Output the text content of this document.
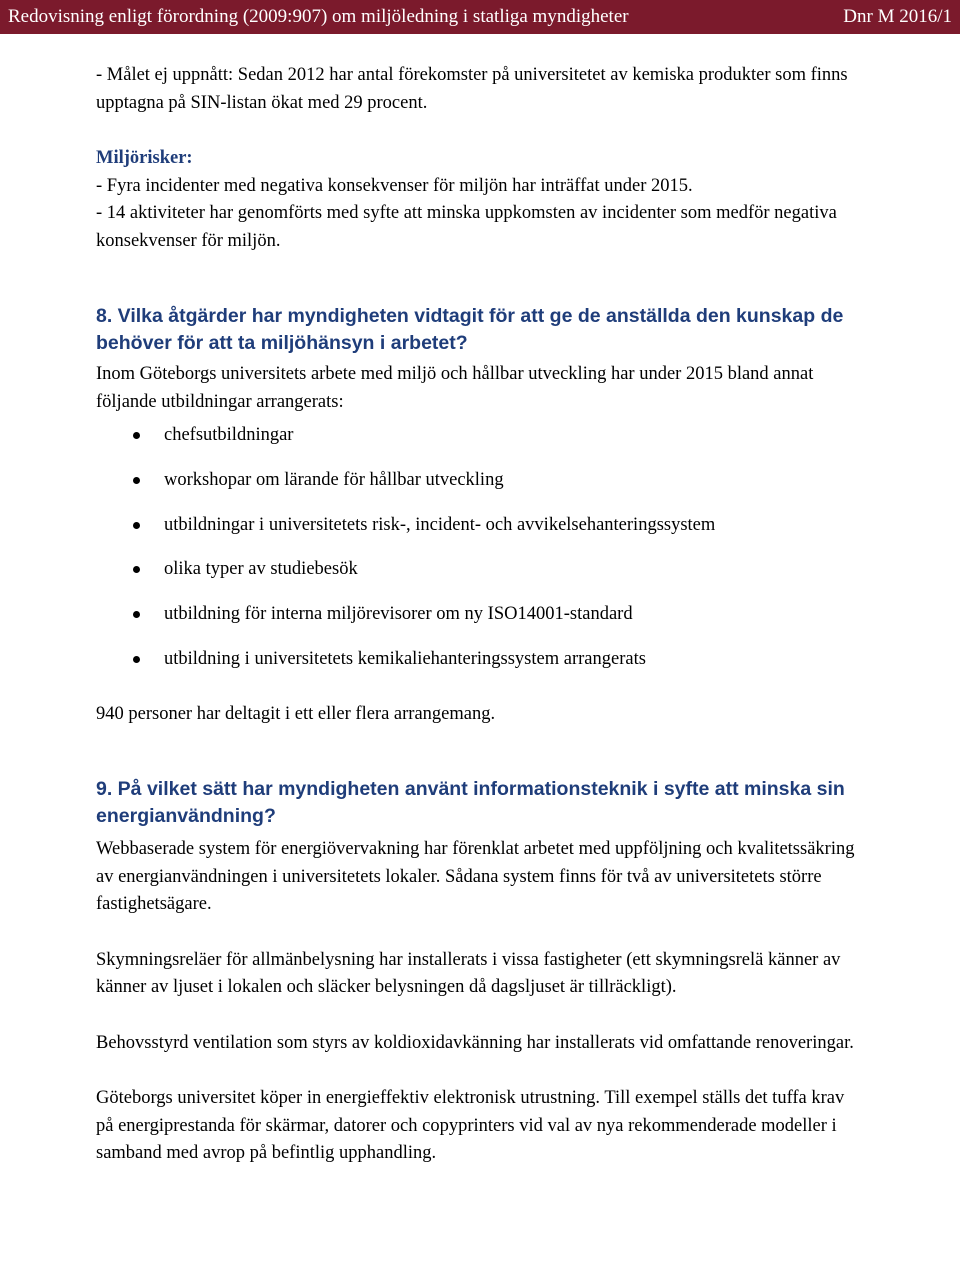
Redovisning enligt förordning (2009:907) om miljöledning i statliga myndigheter	Dnr M 2016/1

- Målet ej uppnått: Sedan 2012 har antal förekomster på universitetet av kemiska produkter som finns upptagna på SIN-listan ökat med 29 procent.

Miljörisker:

- Fyra incidenter med negativa konsekvenser för miljön har inträffat under 2015.

- 14 aktiviteter har genomförts med syfte att minska uppkomsten av incidenter som medför negativa konsekvenser för miljön.

8. Vilka åtgärder har myndigheten vidtagit för att ge de anställda den kunskap de behöver för att ta miljöhänsyn i arbetet?

Inom Göteborgs universitets arbete med miljö och hållbar utveckling har under 2015 bland annat följande utbildningar arrangerats:

chefsutbildningar
workshopar om lärande för hållbar utveckling
utbildningar i universitetets risk-, incident- och avvikelsehanteringssystem
olika typer av studiebesök
utbildning för interna miljörevisorer om ny ISO14001-standard
utbildning i universitetets kemikaliehanteringssystem arrangerats

940 personer har deltagit i ett eller flera arrangemang.

9. På vilket sätt har myndigheten använt informationsteknik i syfte att minska sin energianvändning?

Webbaserade system för energiövervakning har förenklat arbetet med uppföljning och kvalitetssäkring av energianvändningen i universitetets lokaler. Sådana system finns för två av universitetets större fastighetsägare.

Skymningsreläer för allmänbelysning har installerats i vissa fastigheter (ett skymningsrelä känner av känner av ljuset i lokalen och släcker belysningen då dagsljuset är tillräckligt).

Behovsstyrd ventilation som styrs av koldioxidavkänning har installerats vid omfattande renoveringar.

Göteborgs universitet köper in energieffektiv elektronisk utrustning. Till exempel ställs det tuffa krav på energiprestanda för skärmar, datorer och copyprinters vid val av nya rekommenderade modeller i samband med avrop på befintlig upphandling.
